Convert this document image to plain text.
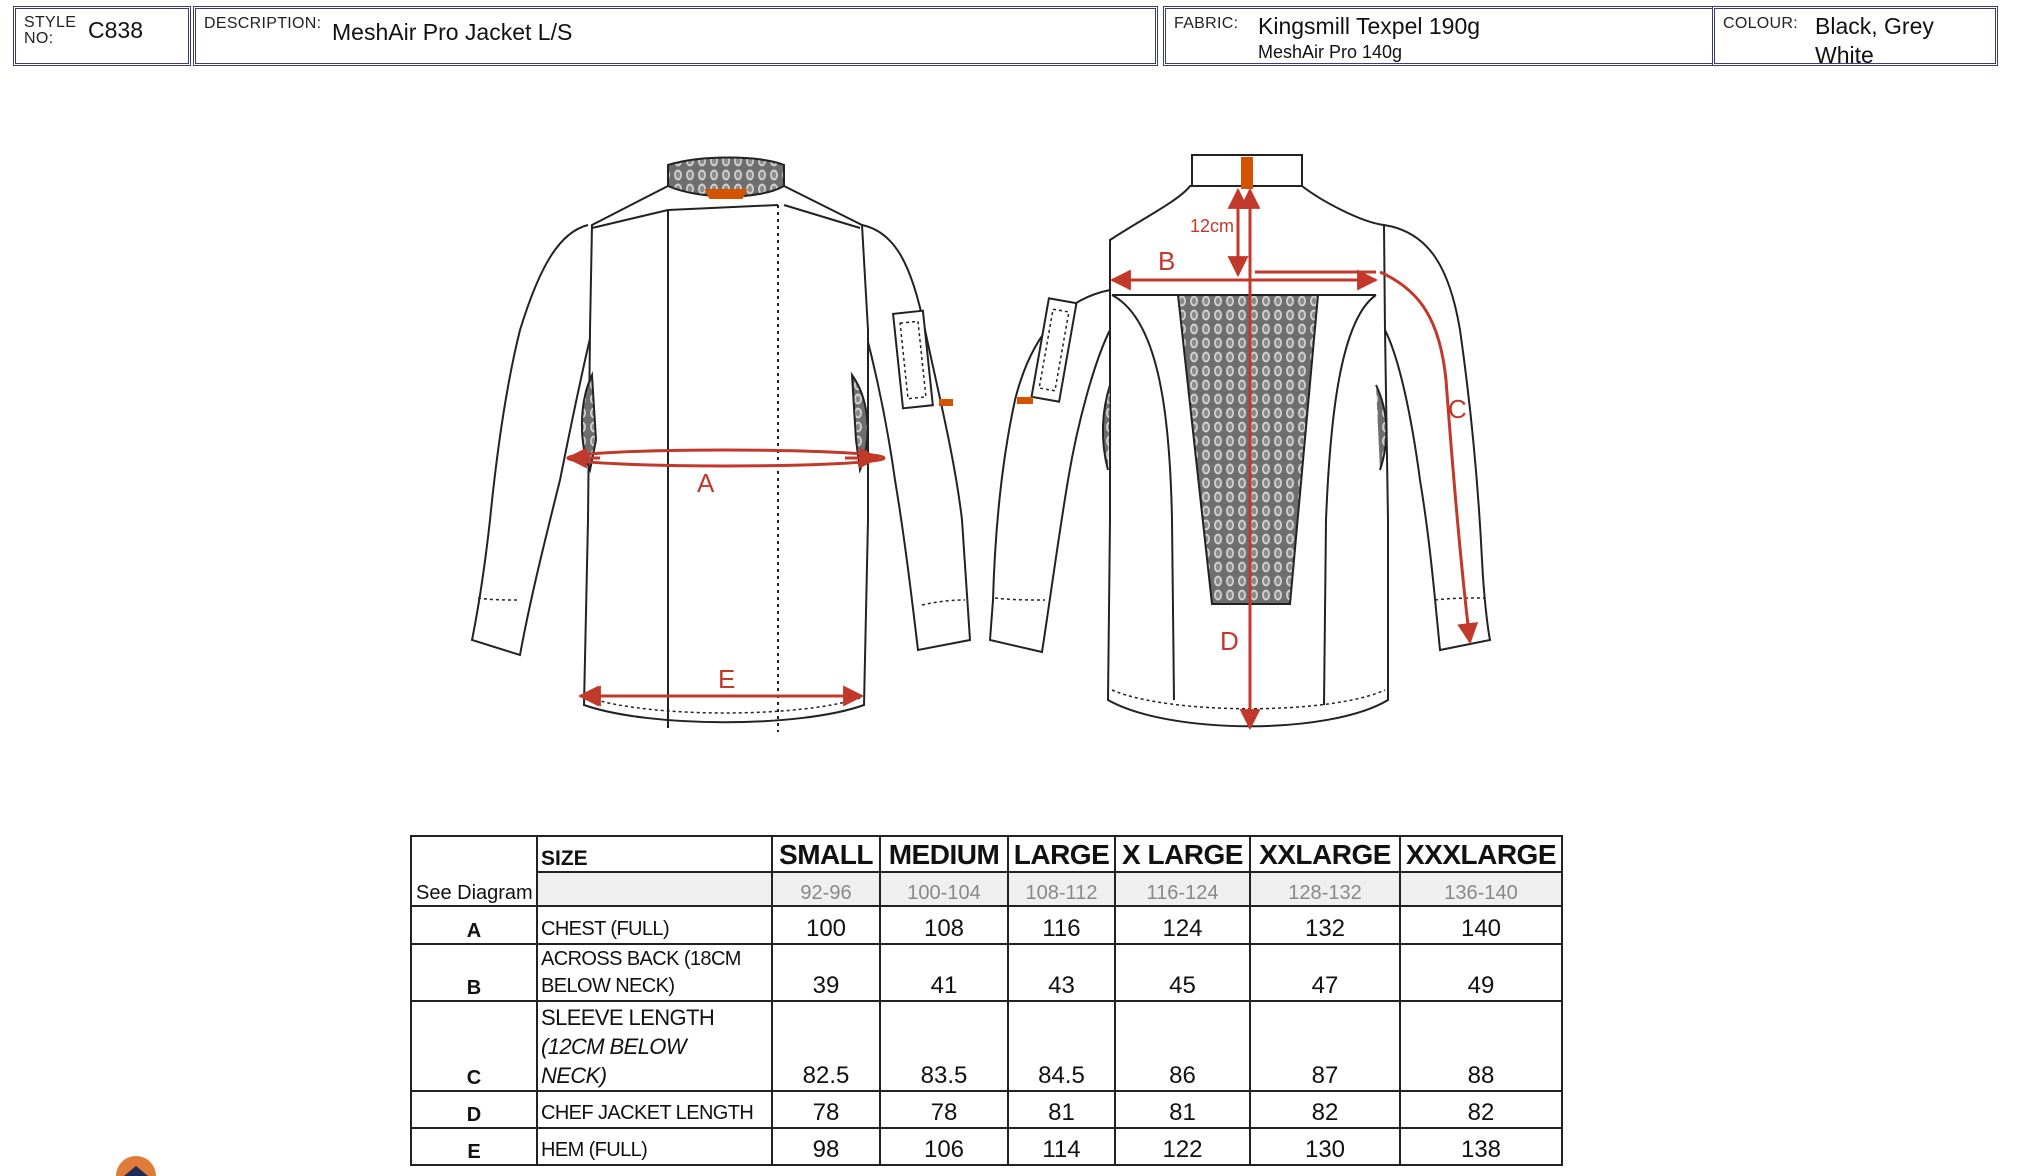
STYLE NO:	C838	DESCRIPTION: MeshAir Pro Jacket L/S	FABRIC: Kingsmill Texpel 190g
MeshAir Pro 140g
COLOUR: Black, Grey
White
A
E
12cm
B
C
D
	SIZE	SMALL	MEDIUM	LARGE	X LARGE	XXLARGE	XXXLARGE
See Diagram		92-96	100-104	108-112	116-124	128-132	136-140
A	CHEST (FULL)	100	108	116	124	132	140
B	ACROSS BACK (18CM
BELOW NECK)	39	41	43	45	47	49
C	SLEEVE LENGTH
(12CM BELOW
NECK)	82.5	83.5	84.5	86	87	88
D	CHEF JACKET LENGTH	78	78	81	81	82	82
E	HEM (FULL)	98	106	114	122	130	138
